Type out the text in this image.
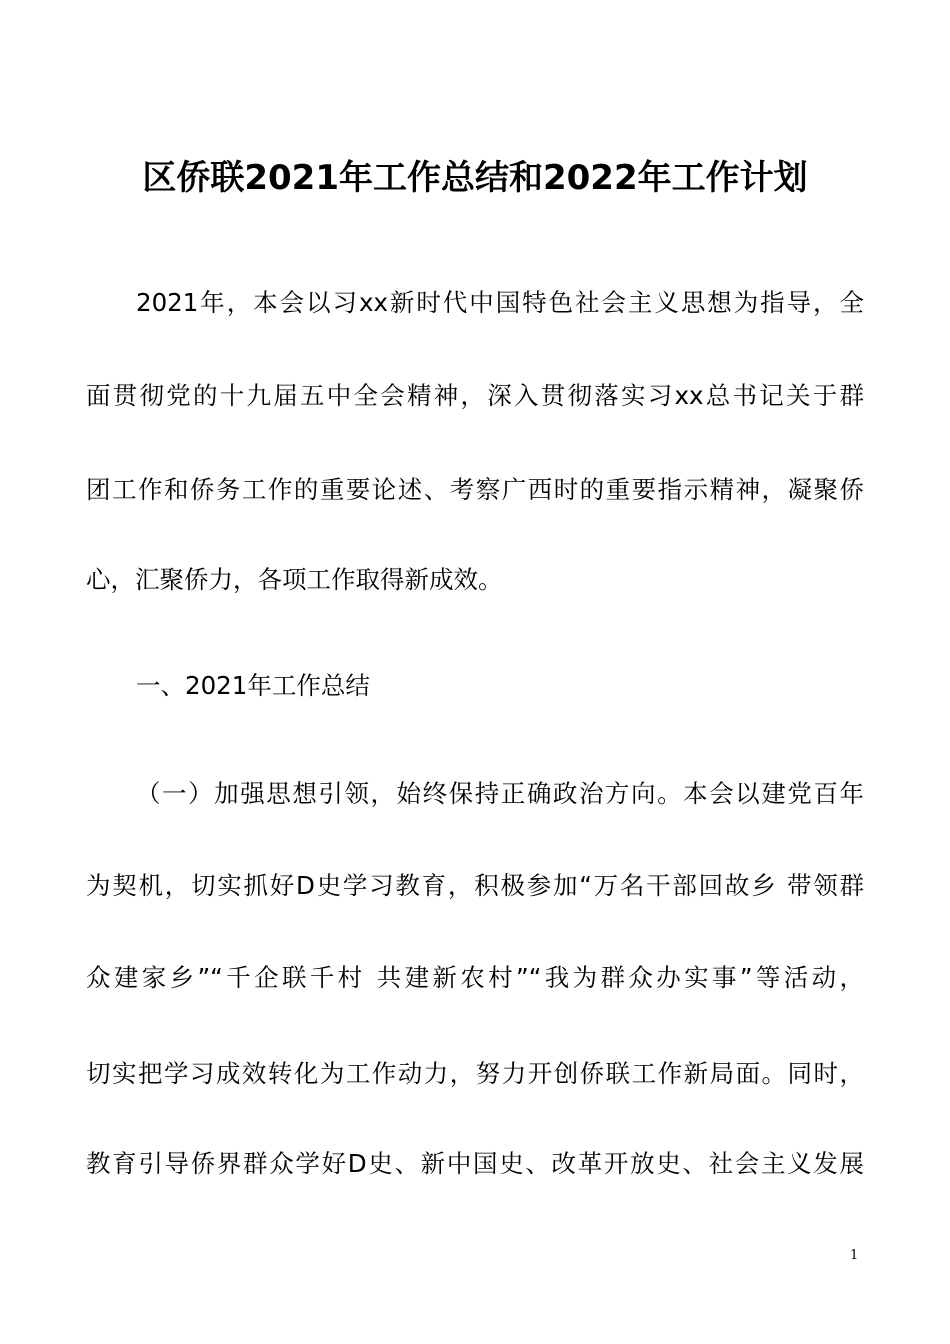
区侨联2021年工作总结和2022年工作计划
2021年，本会以习xx新时代中国特色社会主义思想为指导，全
面贯彻党的十九届五中全会精神，深入贯彻落实习xx总书记关于群
团工作和侨务工作的重要论述、考察广西时的重要指示精神，凝聚侨
心，汇聚侨力，各项工作取得新成效。
一、2021年工作总结
（一）加强思想引领，始终保持正确政治方向。本会以建党百年
为契机，切实抓好D史学习教育，积极参加“万名干部回故乡 带领群
众建家乡”“千企联千村 共建新农村”“我为群众办实事”等活动，
切实把学习成效转化为工作动力，努力开创侨联工作新局面。同时，
教育引导侨界群众学好D史、新中国史、改革开放史、社会主义发展
1
